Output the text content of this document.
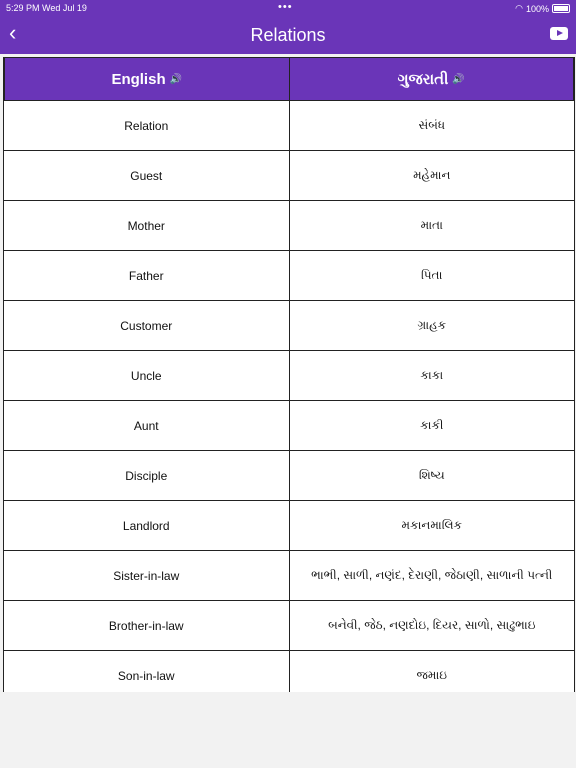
5:29 PM Wed Jul 19	•••	◠ 100%
‹	Relations
English 🔊	ગુજરાતી 🔊
Relation	સંબંધ
Guest	મહેમાન
Mother	માતા
Father	પિતા
Customer	ગ્રાહક
Uncle	કાકા
Aunt	કાકી
Disciple	શિષ્ય
Landlord	મકાનમાલિક
Sister-in-law	ભાભી, સાળી, નણંદ, દેરાણી, જેઠાણી, સાળાની પત્ની
Brother-in-law	બનેવી, જેઠ, નણદોઇ, દિયર, સાળો, સાઢુભાઇ
Son-in-law	જમાઇ
